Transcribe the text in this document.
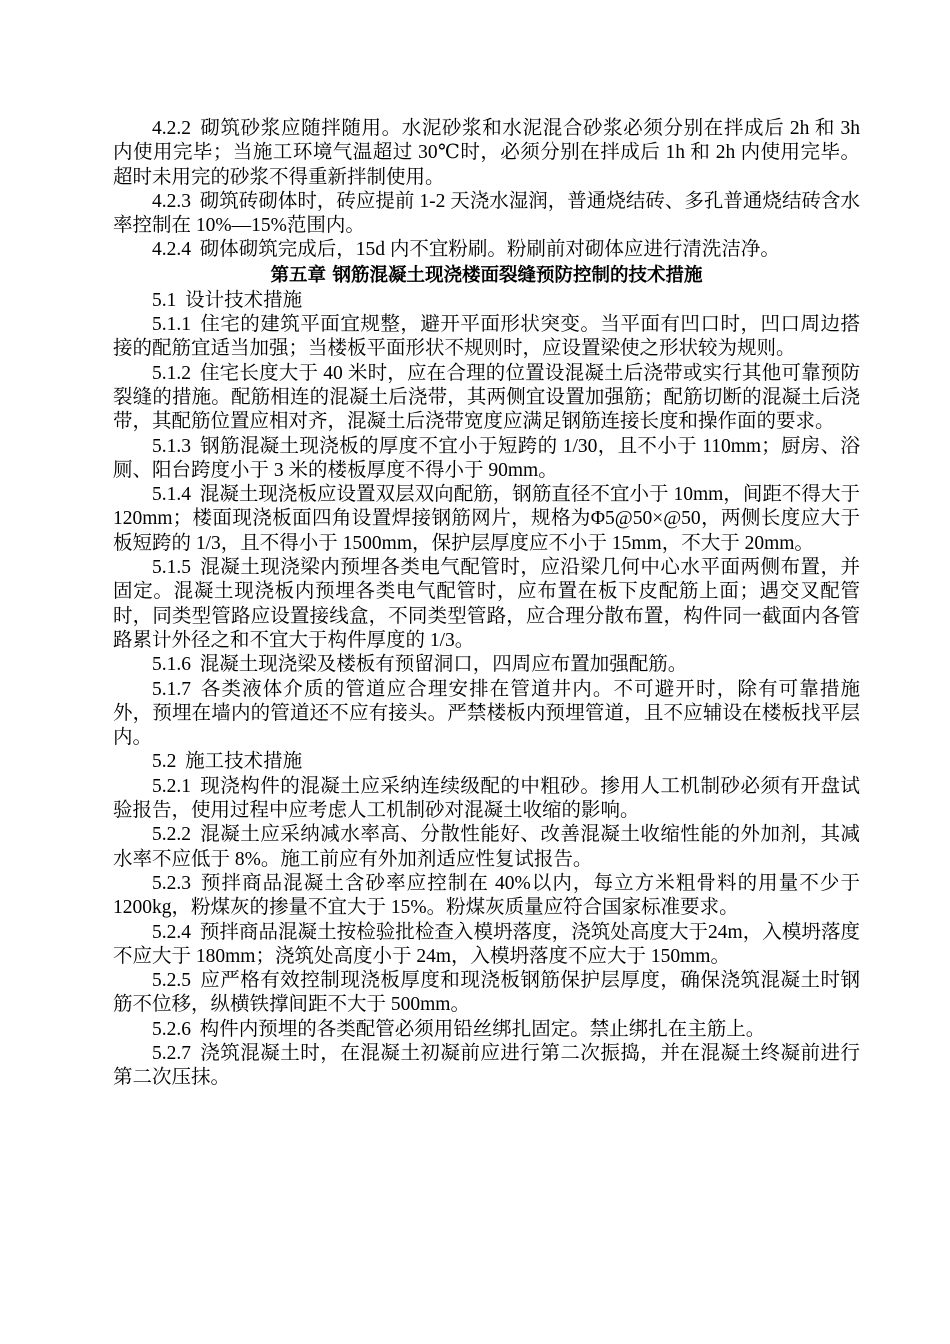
4.2.2 砌筑砂浆应随拌随用。水泥砂浆和水泥混合砂浆必须分别在拌成后 2h 和 3h 内使用完毕；当施工环境气温超过 30℃时，必须分别在拌成后 1h 和 2h 内使用完毕。超时未用完的砂浆不得重新拌制使用。

4.2.3 砌筑砖砌体时，砖应提前 1-2 天浇水湿润，普通烧结砖、多孔普通烧结砖含水率控制在 10%—15%范围内。

4.2.4 砌体砌筑完成后，15d 内不宜粉刷。粉刷前对砌体应进行清洗洁净。

第五章 钢筋混凝土现浇楼面裂缝预防控制的技术措施

5.1 设计技术措施

5.1.1 住宅的建筑平面宜规整，避开平面形状突变。当平面有凹口时，凹口周边搭接的配筋宜适当加强；当楼板平面形状不规则时，应设置梁使之形状较为规则。

5.1.2 住宅长度大于 40 米时，应在合理的位置设混凝土后浇带或实行其他可靠预防裂缝的措施。配筋相连的混凝土后浇带，其两侧宜设置加强筋；配筋切断的混凝土后浇带，其配筋位置应相对齐，混凝土后浇带宽度应满足钢筋连接长度和操作面的要求。

5.1.3 钢筋混凝土现浇板的厚度不宜小于短跨的 1/30，且不小于 110mm；厨房、浴厕、阳台跨度小于 3 米的楼板厚度不得小于 90mm。

5.1.4 混凝土现浇板应设置双层双向配筋，钢筋直径不宜小于 10mm，间距不得大于 120mm；楼面现浇板面四角设置焊接钢筋网片，规格为Φ5@50×@50，两侧长度应大于板短跨的 1/3，且不得小于 1500mm，保护层厚度应不小于 15mm，不大于 20mm。

5.1.5 混凝土现浇梁内预埋各类电气配管时，应沿梁几何中心水平面两侧布置，并固定。混凝土现浇板内预埋各类电气配管时，应布置在板下皮配筋上面；遇交叉配管时，同类型管路应设置接线盒，不同类型管路，应合理分散布置，构件同一截面内各管路累计外径之和不宜大于构件厚度的 1/3。

5.1.6 混凝土现浇梁及楼板有预留洞口，四周应布置加强配筋。

5.1.7 各类液体介质的管道应合理安排在管道井内。不可避开时，除有可靠措施外，预埋在墙内的管道还不应有接头。严禁楼板内预埋管道，且不应辅设在楼板找平层内。

5.2 施工技术措施

5.2.1 现浇构件的混凝土应采纳连续级配的中粗砂。掺用人工机制砂必须有开盘试验报告，使用过程中应考虑人工机制砂对混凝土收缩的影响。

5.2.2 混凝土应采纳减水率高、分散性能好、改善混凝土收缩性能的外加剂，其减水率不应低于 8%。施工前应有外加剂适应性复试报告。

5.2.3 预拌商品混凝土含砂率应控制在 40%以内，每立方米粗骨料的用量不少于 1200kg，粉煤灰的掺量不宜大于 15%。粉煤灰质量应符合国家标准要求。

5.2.4 预拌商品混凝土按检验批检查入模坍落度，浇筑处高度大于24m，入模坍落度不应大于 180mm；浇筑处高度小于 24m，入模坍落度不应大于 150mm。

5.2.5 应严格有效控制现浇板厚度和现浇板钢筋保护层厚度，确保浇筑混凝土时钢筋不位移，纵横铁撑间距不大于 500mm。

5.2.6 构件内预埋的各类配管必须用铅丝绑扎固定。禁止绑扎在主筋上。

5.2.7 浇筑混凝土时，在混凝土初凝前应进行第二次振捣，并在混凝土终凝前进行第二次压抹。
